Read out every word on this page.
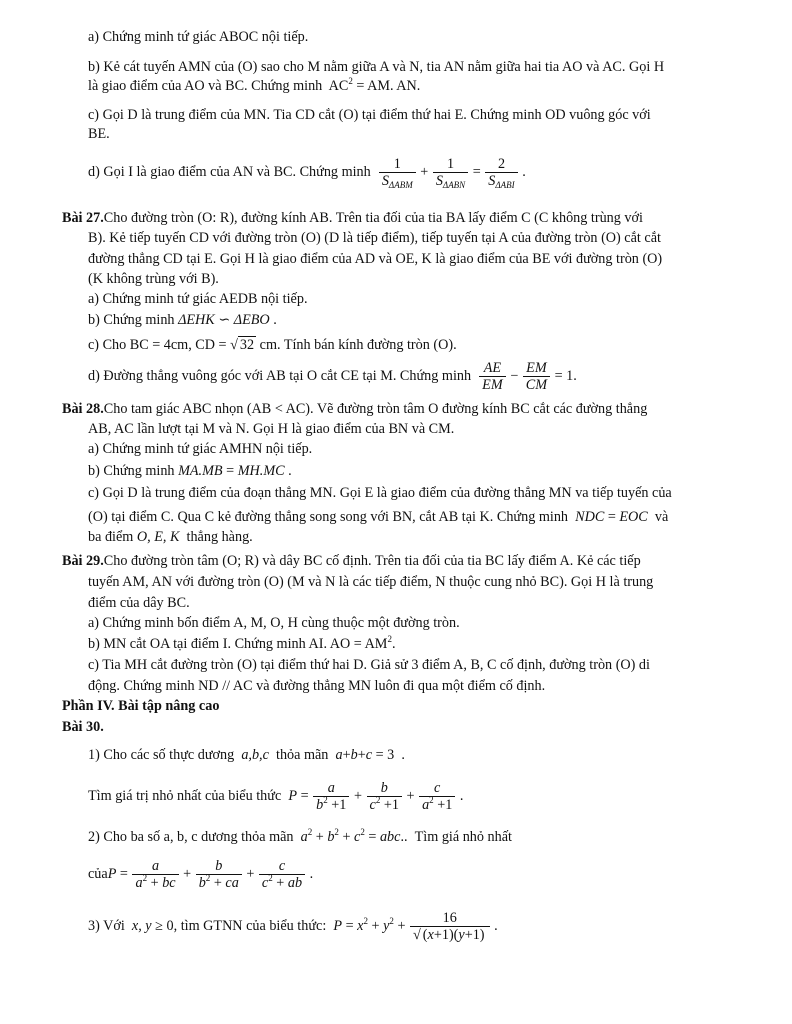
a) Chứng minh tứ giác ABOC nội tiếp.
b) Kẻ cát tuyến AMN của (O) sao cho M nằm giữa A và N, tia AN nằm giữa hai tia AO và AC. Gọi H
là giao điểm của AO và BC. Chứng minh  $AC^2$ = AM. AN.
c) Gọi D là trung điểm của MN. Tia CD cắt (O) tại điểm thứ hai E. Chứng minh OD vuông góc với
BE.
d) Gọi I là giao điểm của AN và BC. Chứng minh	1
$S_{\Delta ABM}$
+	1
$S_{\Delta ABN}$
= 2
$S_{\Delta ABI}$
.
Bài 27.Cho đường tròn (O: R), đường kính AB. Trên tia đối của tia BA lấy điểm C (C không trùng với
B). Kẻ tiếp tuyến CD với đường tròn (O) (D là tiếp điểm), tiếp tuyến tại A của đường tròn (O) cắt cắt
đường thẳng CD tại E. Gọi H là giao điểm của AD và OE, K là giao điểm của BE với đường tròn (O)
(K không trùng với B).
a) Chứng minh tứ giác AEDB nội tiếp.
b) Chứng minh ΔEHK ∽ ΔEBO .
c) Cho BC = 4cm, CD = √ 32 cm. Tính bán kính đường tròn (O).
d) Đường thẳng vuông góc với AB tại O cắt CE tại M. Chứng minh $\frac{AE}{EM} - \frac{EM}{CM} = 1$.
Bài 28.Cho tam giác ABC nhọn (AB < AC). Vẽ đường tròn tâm O đường kính BC cắt các đường thẳng
AB, AC lần lượt tại M và N. Gọi H là giao điểm của BN và CM.
a) Chứng minh tứ giác AMHN nội tiếp.
b) Chứng minh MA.MB = MH.MC .
c) Gọi D là trung điểm của đoạn thẳng MN. Gọi E là giao điểm của đường thẳng MN va tiếp tuyến của
(O) tại điểm C. Qua C kẻ đường thẳng song song với BN, cắt AB tại K. Chứng minh NDC = EOC  và
ba điểm O, E, K thẳng hàng.
Bài 29.Cho đường tròn tâm (O; R) và dây BC cố định. Trên tia đối của tia BC lấy điểm A. Kẻ các tiếp
tuyến AM, AN với đường tròn (O) (M và N là các tiếp điểm, N thuộc cung nhỏ BC). Gọi H là trung
điểm của dây BC.
a) Chứng minh bốn điểm A, M, O, H cùng thuộc một đường tròn.
b) MN cắt OA tại điểm I. Chứng minh AI. AO = $AM^2$.
c) Tia MH cắt đường tròn (O) tại điểm thứ hai D. Giả sử 3 điểm A, B, C cố định, đường tròn (O) di
động. Chứng minh ND // AC và đường thẳng MN luôn đi qua một điểm cố định.
Phần IV. Bài tập nâng cao
Bài 30.
1) Cho các số thực dương a,b,c thỏa mãn a+b+c = 3  .
Tìm giá trị nhỏ nhất của biểu thức $P = \frac{a}{b^2 +1} + \frac{b}{c^2 +1} + \frac{c}{a^2 +1}$ .
2) Cho ba số a, b, c dương thỏa mãn $a^2 + b^2 + c^2$ = abc..  Tìm giá nhỏ nhất
củaP = $\frac{a}{a^2 + bc} + \frac{b}{b^2 + ca} + \frac{c}{c^2 + ab}$ .
3) Với x, y ≥ 0, tìm GTNN của biểu thức: $P = x^2 + y^2 + \frac{16}{√ (x+1)(y+1)}$ .
